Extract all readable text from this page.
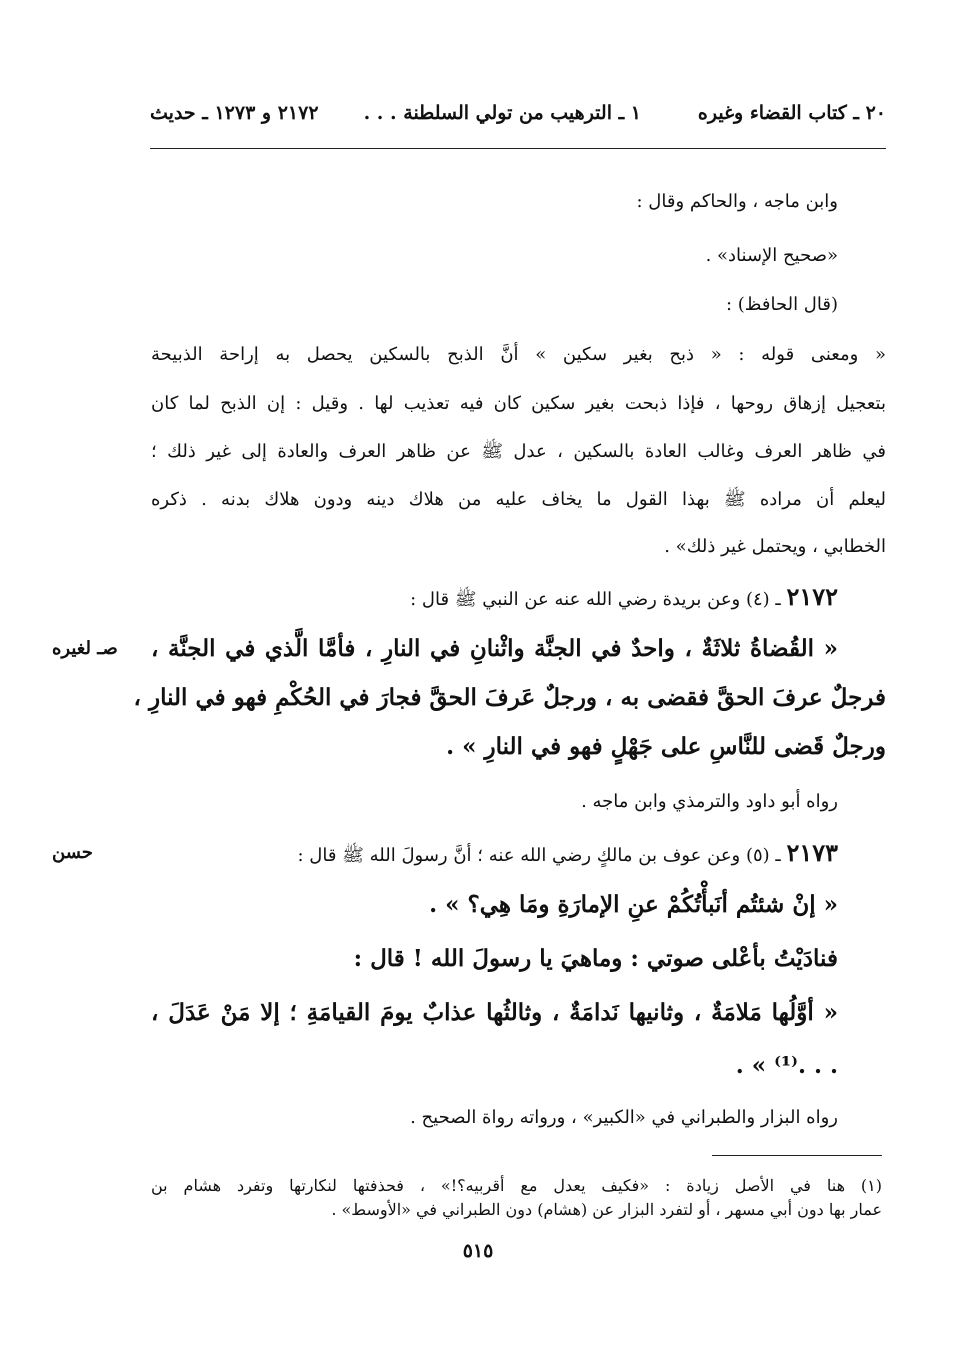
٢٠ ـ كتاب القضاء وغيره
١ ـ الترهيب من تولي السلطنة . . .
٢١٧٢ و ١٢٧٣ ـ حديث
وابن ماجه ، والحاكم وقال :
«صحيح الإسناد» .
(قال الحافظ) :
« ومعنى قوله : « ذبح بغير سكين » أنَّ الذبح بالسكين يحصل به إراحة الذبيحة
بتعجيل إزهاق روحها ، فإذا ذبحت بغير سكين كان فيه تعذيب لها . وقيل : إن الذبح لما كان
في ظاهر العرف وغالب العادة بالسكين ، عدل ﷺ عن ظاهر العرف والعادة إلى غير ذلك ؛
ليعلم أن مراده ﷺ بهذا القول ما يخاف عليه من هلاك دينه ودون هلاك بدنه . ذكره
الخطابي ، ويحتمل غير ذلك» .
٢١٧٢ ـ (٤) وعن بريدة رضي الله عنه عن النبي ﷺ قال :
صـ لغيره « القُضاةُ ثلاثَةٌ ، واحدٌ في الجنَّة واثْنانِ في النارِ ، فأمَّا الَّذي في الجنَّة ،
فرجلٌ عرفَ الحقَّ فقضى به ، ورجلٌ عَرفَ الحقَّ فجارَ في الحُكْمِ فهو في النارِ ،
ورجلٌ قَضى للنَّاسِ على جَهْلٍ فهو في النارِ » .
رواه أبو داود والترمذي وابن ماجه .
٢١٧٣ ـ (٥) وعن عوف بن مالكٍ رضي الله عنه ؛ أنَّ رسولَ الله ﷺ قال :
حسن
« إنْ شئتُم أنَبأْتُكُمْ عنِ الإمارَةِ ومَا هِي؟ » .
فنادَيْتُ بأعْلى صوتي : وماهيَ يا رسولَ الله ! قال :
« أوَّلُها مَلامَةٌ ، وثانيها نَدامَةٌ ، وثالثُها عذابٌ يومَ القيامَةِ ؛ إلا مَنْ عَدَلَ ،
. . .⁽¹⁾ » .
رواه البزار والطبراني في «الكبير» ، ورواته رواة الصحيح .
(١) هنا في الأصل زيادة : «فكيف يعدل مع أقربيه؟!» ، فحذفتها لنكارتها وتفرد هشام بن
عمار بها دون أبي مسهر ، أو لتفرد البزار عن (هشام) دون الطبراني في «الأوسط» .
٥١٥
